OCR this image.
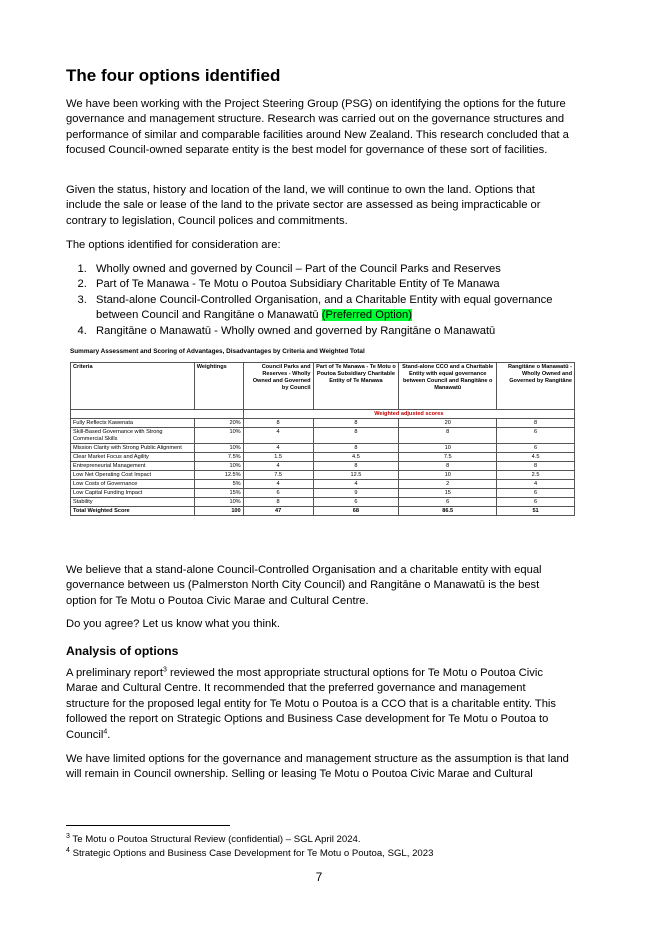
The four options identified

We have been working with the Project Steering Group (PSG) on identifying the options for the future governance and management structure. Research was carried out on the governance structures and performance of similar and comparable facilities around New Zealand. This research concluded that a focused Council-owned separate entity is the best model for governance of these sort of facilities.

Given the status, history and location of the land, we will continue to own the land. Options that include the sale or lease of the land to the private sector are assessed as being impracticable or contrary to legislation, Council polices and commitments.

The options identified for consideration are:

1. Wholly owned and governed by Council – Part of the Council Parks and Reserves
2. Part of Te Manawa - Te Motu o Poutoa Subsidiary Charitable Entity of Te Manawa
3. Stand-alone Council-Controlled Organisation, and a Charitable Entity with equal governance between Council and Rangitāne o Manawatū (Preferred Option)
4. Rangitāne o Manawatū - Wholly owned and governed by Rangitāne o Manawatū
Summary Assessment and Scoring of Advantages, Disadvantages by Criteria and Weighted Total
Criteria	Weightings	Council Parks and Reserves - Wholly Owned and Governed by Council	Part of Te Manawa - Te Motu o Poutoa Subsidiary Charitable Entity of Te Manawa	Stand-alone CCO and a Charitable Entity with equal governance between Council and Rangitāne o Manawatū	Rangitāne o Manawatū - Wholly Owned and Governed by Rangitāne
		Weighted adjusted scores			
Fully Reflects Kawenata	20%	8	8	20	8
Skill-Based Governance with Strong Commercial Skills	10%	4	8	8	6
Mission Clarity with Strong Public Alignment	10%	4	8	10	6
Clear Market Focus and Agility	7.5%	1.5	4.5	7.5	4.5
Entrepreneurial Management	10%	4	8	8	8
Low Net Operating Cost Impact	12.5%	7.5	12.5	10	2.5
Low Costs of Governance	5%	4	4	2	4
Low Capital Funding Impact	15%	6	9	15	6
Stability	10%	8	6	6	6
Total Weighted Score	100	47	68	86.5	51

We believe that a stand-alone Council-Controlled Organisation and a charitable entity with equal governance between us (Palmerston North City Council) and Rangitāne o Manawatū is the best option for Te Motu o Poutoa Civic Marae and Cultural Centre.

Do you agree? Let us know what you think.

Analysis of options

A preliminary report$^3$ reviewed the most appropriate structural options for Te Motu o Poutoa Civic Marae and Cultural Centre. It recommended that the preferred governance and management structure for the proposed legal entity for Te Motu o Poutoa is a CCO that is a charitable entity. This followed the report on Strategic Options and Business Case development for Te Motu o Poutoa to Council$^4$.

We have limited options for the governance and management structure as the assumption is that land will remain in Council ownership. Selling or leasing Te Motu o Poutoa Civic Marae and Cultural

$^3$ Te Motu o Poutoa Structural Review (confidential) – SGL April 2024.
$^4$ Strategic Options and Business Case Development for Te Motu o Poutoa, SGL, 2023
7
